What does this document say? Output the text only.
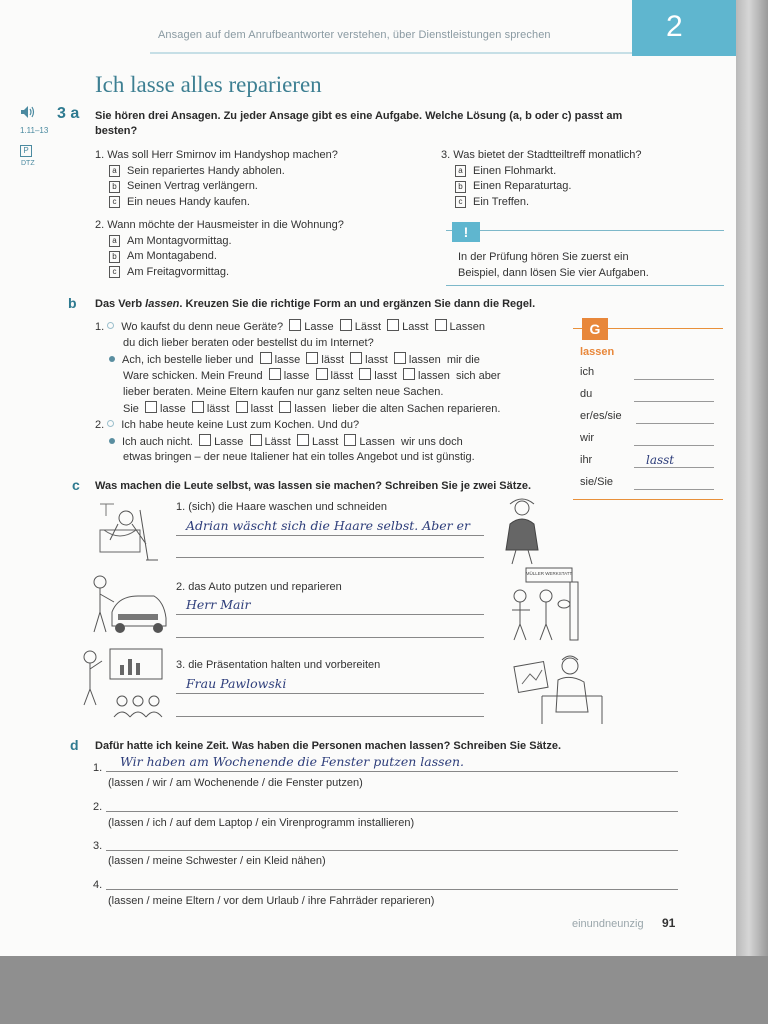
Ansagen auf dem Anrufbeantworter verstehen, über Dienstleistungen sprechen	2
Ich lasse alles reparieren
3 a
1.11–13
P
DTZ
Sie hören drei Ansagen. Zu jeder Ansage gibt es eine Aufgabe. Welche Lösung (a, b oder c) passt am
besten?
1. Was soll Herr Smirnov im Handyshop machen?
a Sein repariertes Handy abholen.
b Seinen Vertrag verlängern.
c Ein neues Handy kaufen.
2. Wann möchte der Hausmeister in die Wohnung?
a Am Montagvormittag.
b Am Montagabend.
c Am Freitagvormittag.
3. Was bietet der Stadtteiltreff monatlich?
a Einen Flohmarkt.
b Einen Reparaturtag.
c Ein Treffen.
!
In der Prüfung hören Sie zuerst ein
Beispiel, dann lösen Sie vier Aufgaben.
b Das Verb lassen. Kreuzen Sie die richtige Form an und ergänzen Sie dann die Regel.
1. Wo kaufst du denn neue Geräte? Lasse Lässt Lasst Lassen
du dich lieber beraten oder bestellst du im Internet?
Ach, ich bestelle lieber und lasse lässt lasst lassen mir die
Ware schicken. Mein Freund lasse lässt lasst lassen sich aber
lieber beraten. Meine Eltern kaufen nur ganz selten neue Sachen.
Sie lasse lässt lasst lassen lieber die alten Sachen reparieren.
2. Ich habe heute keine Lust zum Kochen. Und du?
Ich auch nicht. Lasse Lässt Lasst Lassen wir uns doch
etwas bringen – der neue Italiener hat ein tolles Angebot und ist günstig.
G
lassen
ich
du
er/es/sie
wir
ihr	lasst
sie/Sie
c Was machen die Leute selbst, was lassen sie machen? Schreiben Sie je zwei Sätze.
1. (sich) die Haare waschen und schneiden
Adrian wäscht sich die Haare selbst. Aber er
MÜLLER WERKSTATT
2. das Auto putzen und reparieren
Herr Mair
3. die Präsentation halten und vorbereiten
Frau Pawlowski
d Dafür hatte ich keine Zeit. Was haben die Personen machen lassen? Schreiben Sie Sätze.
1. Wir haben am Wochenende die Fenster putzen lassen.
(lassen / wir / am Wochenende / die Fenster putzen)
2.
(lassen / ich / auf dem Laptop / ein Virenprogramm installieren)
3.
(lassen / meine Schwester / ein Kleid nähen)
4.
(lassen / meine Eltern / vor dem Urlaub / ihre Fahrräder reparieren)
einundneunzig 91
